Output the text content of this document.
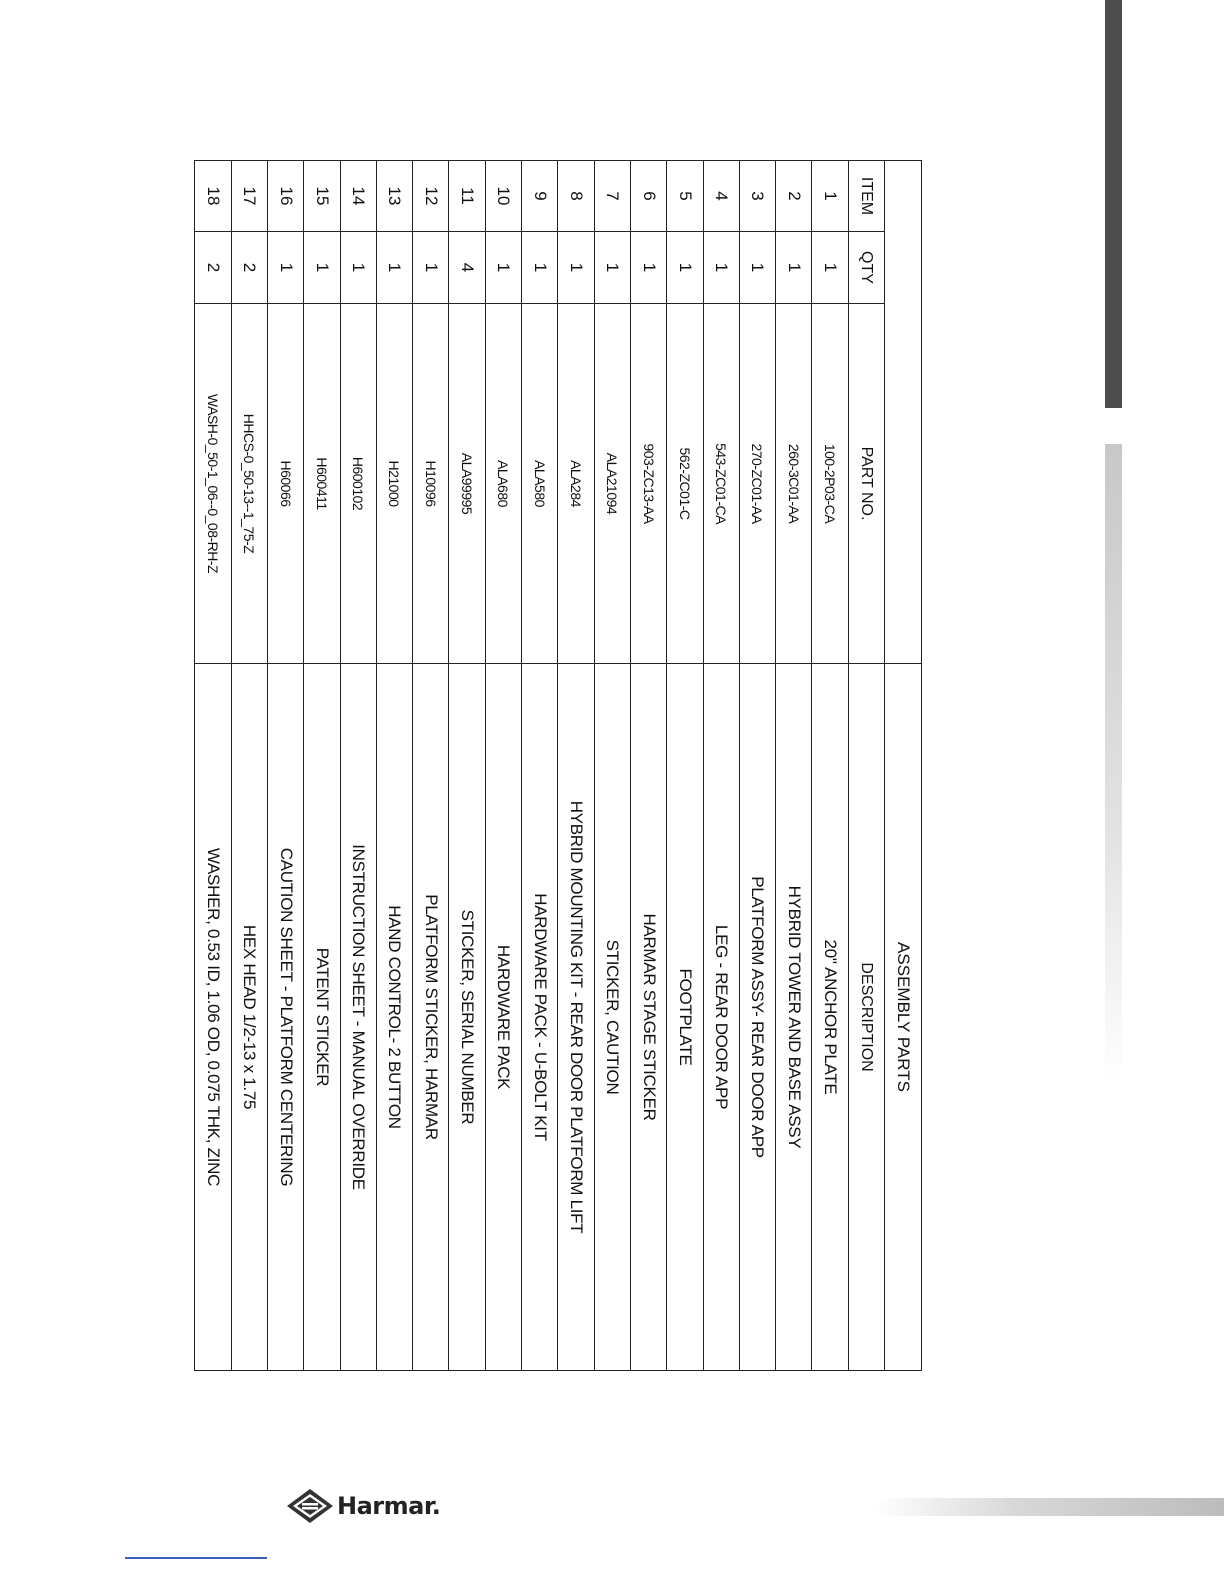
			ASSEMBLY PARTS
ITEM	QTY	PART NO.	DESCRIPTION
1	1	100-2P03-CA	20" ANCHOR PLATE
2	1	260-3C01-AA	HYBRID TOWER AND BASE ASSY
3	1	270-ZC01-AA	PLATFORM ASSY- REAR DOOR APP
4	1	543-ZC01-CA	LEG - REAR DOOR APP
5	1	562-ZC01-C	FOOTPLATE
6	1	903-ZC13-AA	HARMAR STAGE STICKER
7	1	ALA21094	STICKER, CAUTION
8	1	ALA284	HYBRID MOUNTING KIT - REAR DOOR PLATFORM LIFT
9	1	ALA580	HARDWARE PACK - U-BOLT KIT
10	1	ALA680	HARDWARE PACK
11	4	ALA99995	STICKER, SERIAL NUMBER
12	1	H10096	PLATFORM STICKER, HARMAR
13	1	H21000	HAND CONTROL- 2 BUTTON
14	1	H600102	INSTRUCTION SHEET - MANUAL OVERRIDE
15	1	H600411	PATENT STICKER
16	1	H60066	CAUTION SHEET - PLATFORM CENTERING
17	2	HHCS-0_50-13--1_75-Z	HEX HEAD 1/2-13 x 1.75
18	2	WASH-0_50-1_06--0_08-RH-Z	WASHER, 0.53 ID, 1.06 OD, 0.075 THK, ZINC
Harmar.
